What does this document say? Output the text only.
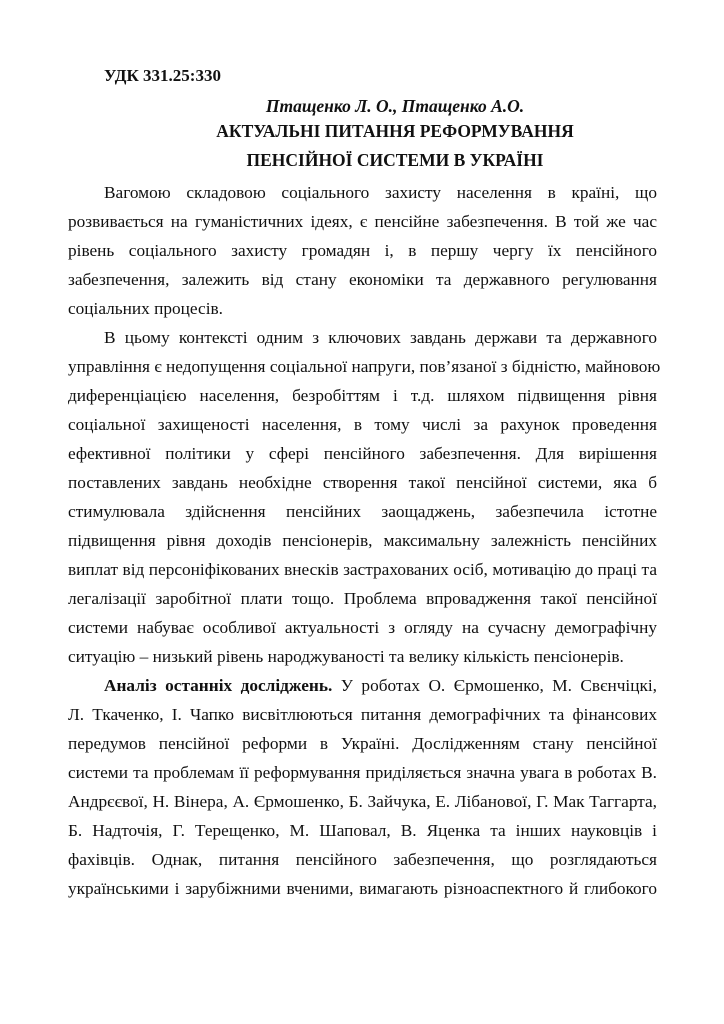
УДК 331.25:330
Птащенко Л. О., Птащенко А.О.
АКТУАЛЬНІ ПИТАННЯ РЕФОРМУВАННЯ
ПЕНСІЙНОЇ СИСТЕМИ В УКРАЇНІ
Вагомою складовою соціального захисту населення в країні, що
розвивається на гуманістичних ідеях, є пенсійне забезпечення. В той же час
рівень соціального захисту громадян і, в першу чергу їх пенсійного
забезпечення, залежить від стану економіки та державного регулювання
соціальних процесів.
В цьому контексті одним з ключових завдань держави та державного
управління є недопущення соціальної напруги, пов’язаної з бідністю, майновою
диференціацією населення, безробіттям і т.д. шляхом підвищення рівня
соціальної захищеності населення, в тому числі за рахунок проведення
ефективної політики у сфері пенсійного забезпечення. Для вирішення
поставлених завдань необхідне створення такої пенсійної системи, яка б
стимулювала здійснення пенсійних заощаджень, забезпечила істотне
підвищення рівня доходів пенсіонерів, максимальну залежність пенсійних
виплат від персоніфікованих внесків застрахованих осіб, мотивацію до праці та
легалізації заробітної плати тощо. Проблема впровадження такої пенсійної
системи набуває особливої актуальності з огляду на сучасну демографічну
ситуацію – низький рівень народжуваності та велику кількість пенсіонерів.
Аналіз останніх досліджень. У роботах О. Єрмошенко, М. Свєнчіцкі,
Л. Ткаченко, І. Чапко висвітлюються питання демографічних та фінансових
передумов пенсійної реформи в Україні. Дослідженням стану пенсійної
системи та проблемам її реформування приділяється значна увага в роботах В.
Андрєєвої, Н. Вінера, А. Єрмошенко, Б. Зайчука, Е. Лібанової, Г. Мак Таггарта,
Б. Надточія, Г. Терещенко, М. Шаповал, В. Яценка та інших науковців і
фахівців. Однак, питання пенсійного забезпечення, що розглядаються
українськими і зарубіжними вченими, вимагають різноаспектного й глибокого
